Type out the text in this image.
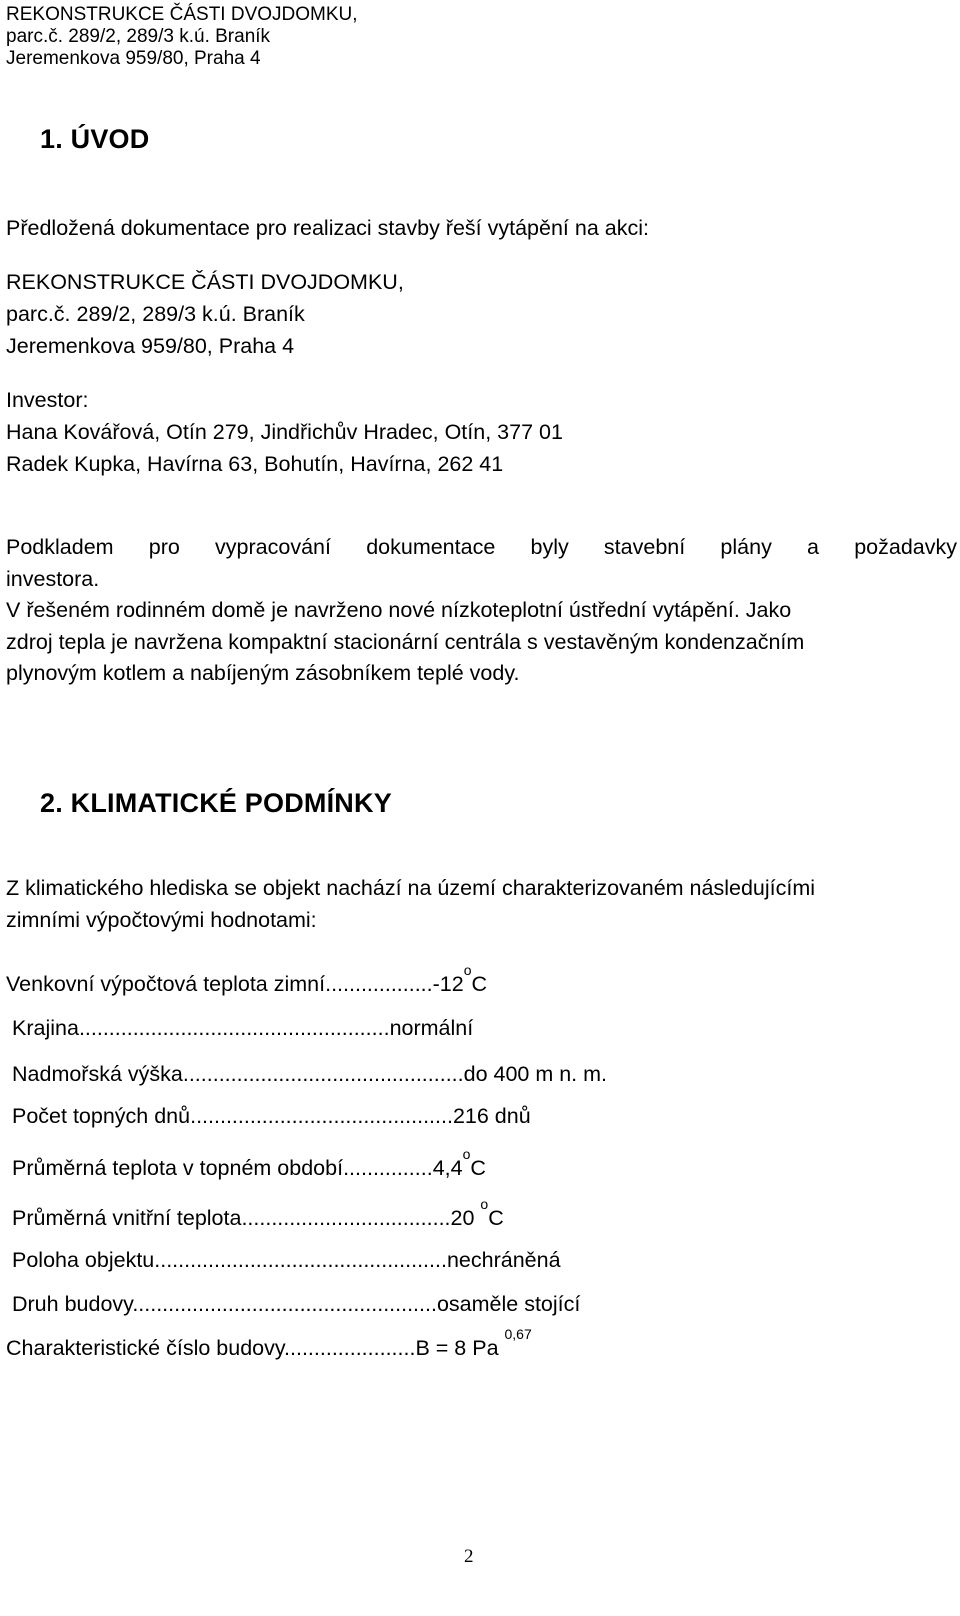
REKONSTRUKCE ČÁSTI DVOJDOMKU,
parc.č. 289/2, 289/3 k.ú. Braník
Jeremenkova 959/80, Praha 4
1. ÚVOD
Předložená dokumentace pro realizaci stavby řeší vytápění na akci:
REKONSTRUKCE ČÁSTI DVOJDOMKU,
parc.č. 289/2, 289/3 k.ú. Braník
Jeremenkova 959/80, Praha 4
Investor:
Hana Kovářová, Otín 279, Jindřichův Hradec, Otín, 377 01
Radek Kupka, Havírna 63, Bohutín, Havírna, 262 41
Podkladem pro vypracování dokumentace byly stavební plány a požadavky
investora.
V řešeném rodinném domě je navrženo nové nízkoteplotní ústřední vytápění. Jako
zdroj tepla je navržena kompaktní stacionární centrála s vestavěným kondenzačním
plynovým kotlem a nabíjeným zásobníkem teplé vody.
2. KLIMATICKÉ PODMÍNKY
Z klimatického hlediska se objekt nachází na území charakterizovaném následujícími
zimními výpočtovými hodnotami:
Venkovní výpočtová teplota zimní..................-12$^o$C
Krajina....................................................normální
Nadmořská výška...............................................do 400 m n. m.
Počet topných dnů............................................216 dnů
Průměrná teplota v topném období...............4,4$^o$C
Průměrná vnitřní teplota...................................20 $^o$C
Poloha objektu.................................................nechráněná
Druh budovy...................................................osaměle stojící
Charakteristické číslo budovy......................B = 8 Pa $^{0,67}$
2
